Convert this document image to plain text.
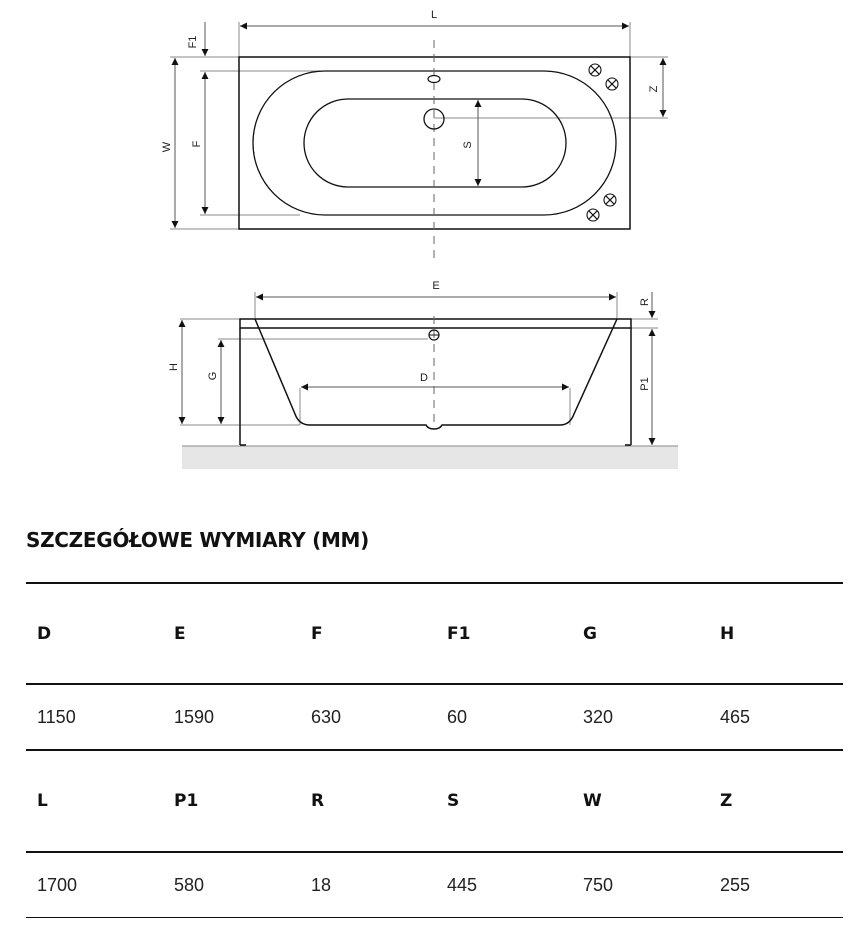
L
F1
W F	S
Z
E
R
H
G	D	P1
SZCZEGÓŁOWE WYMIARY (MM)
D	E	F	F1	G	H
1150	1590	630	60	320	465
L	P1	R	S	W	Z
1700	580	18	445	750	255
